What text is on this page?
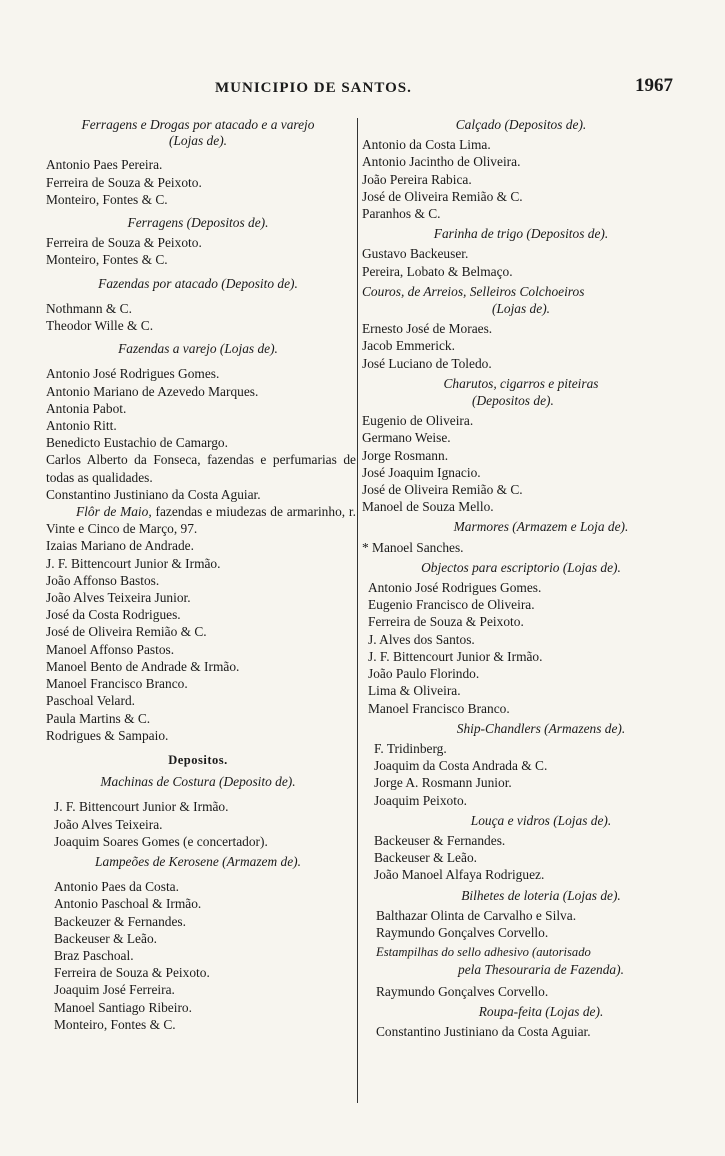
MUNICIPIO DE SANTOS.	1967
Ferragens e Drogas por atacado e a varejo
(Lojas de).
Antonio Paes Pereira.
Ferreira de Souza & Peixoto.
Monteiro, Fontes & C.
Ferragens (Depositos de).
Ferreira de Souza & Peixoto.
Monteiro, Fontes & C.
Fazendas por atacado (Deposito de).
Nothmann & C.
Theodor Wille & C.
Fazendas a varejo (Lojas de).
Antonio José Rodrigues Gomes.
Antonio Mariano de Azevedo Marques.
Antonia Pabot.
Antonio Ritt.
Benedicto Eustachio de Camargo.
Carlos Alberto da Fonseca, fazendas e perfumarias de todas as qualidades.
Constantino Justiniano da Costa Aguiar.
Flôr de Maio, fazendas e miudezas de armarinho, r. Vinte e Cinco de Março, 97.
Izaias Mariano de Andrade.
J. F. Bittencourt Junior & Irmão.
João Affonso Bastos.
João Alves Teixeira Junior.
José da Costa Rodrigues.
José de Oliveira Remião & C.
Manoel Affonso Pastos.
Manoel Bento de Andrade & Irmão.
Manoel Francisco Branco.
Paschoal Velard.
Paula Martins & C.
Rodrigues & Sampaio.
Depositos.
Machinas de Costura (Deposito de).
J. F. Bittencourt Junior & Irmão.
João Alves Teixeira.
Joaquim Soares Gomes (e concertador).
Lampeões de Kerosene (Armazem de).
Antonio Paes da Costa.
Antonio Paschoal & Irmão.
Backeuzer & Fernandes.
Backeuser & Leão.
Braz Paschoal.
Ferreira de Souza & Peixoto.
Joaquim José Ferreira.
Manoel Santiago Ribeiro.
Monteiro, Fontes & C.
Calçado (Depositos de).
Antonio da Costa Lima.
Antonio Jacintho de Oliveira.
João Pereira Rabica.
José de Oliveira Remião & C.
Paranhos & C.
Farinha de trigo (Depositos de).
Gustavo Backeuser.
Pereira, Lobato & Belmaço.
Couros, de Arreios, Selleiros Colchoeiros
(Lojas de).
Ernesto José de Moraes.
Jacob Emmerick.
José Luciano de Toledo.
Charutos, cigarros e piteiras
(Depositos de).
Eugenio de Oliveira.
Germano Weise.
Jorge Rosmann.
José Joaquim Ignacio.
José de Oliveira Remião & C.
Manoel de Souza Mello.
Marmores (Armazem e Loja de).
* Manoel Sanches.
Objectos para escriptorio (Lojas de).
Antonio José Rodrigues Gomes.
Eugenio Francisco de Oliveira.
Ferreira de Souza & Peixoto.
J. Alves dos Santos.
J. F. Bittencourt Junior & Irmão.
João Paulo Florindo.
Lima & Oliveira.
Manoel Francisco Branco.
Ship-Chandlers (Armazens de).
F. Tridinberg.
Joaquim da Costa Andrada & C.
Jorge A. Rosmann Junior.
Joaquim Peixoto.
Louça e vidros (Lojas de).
Backeuser & Fernandes.
Backeuser & Leão.
João Manoel Alfaya Rodriguez.
Bilhetes de loteria (Lojas de).
Balthazar Olinta de Carvalho e Silva.
Raymundo Gonçalves Corvello.
Estampilhas do sello adhesivo (autorisado
pela Thesouraria de Fazenda).
Raymundo Gonçalves Corvello.
Roupa-feita (Lojas de).
Constantino Justiniano da Costa Aguiar.
